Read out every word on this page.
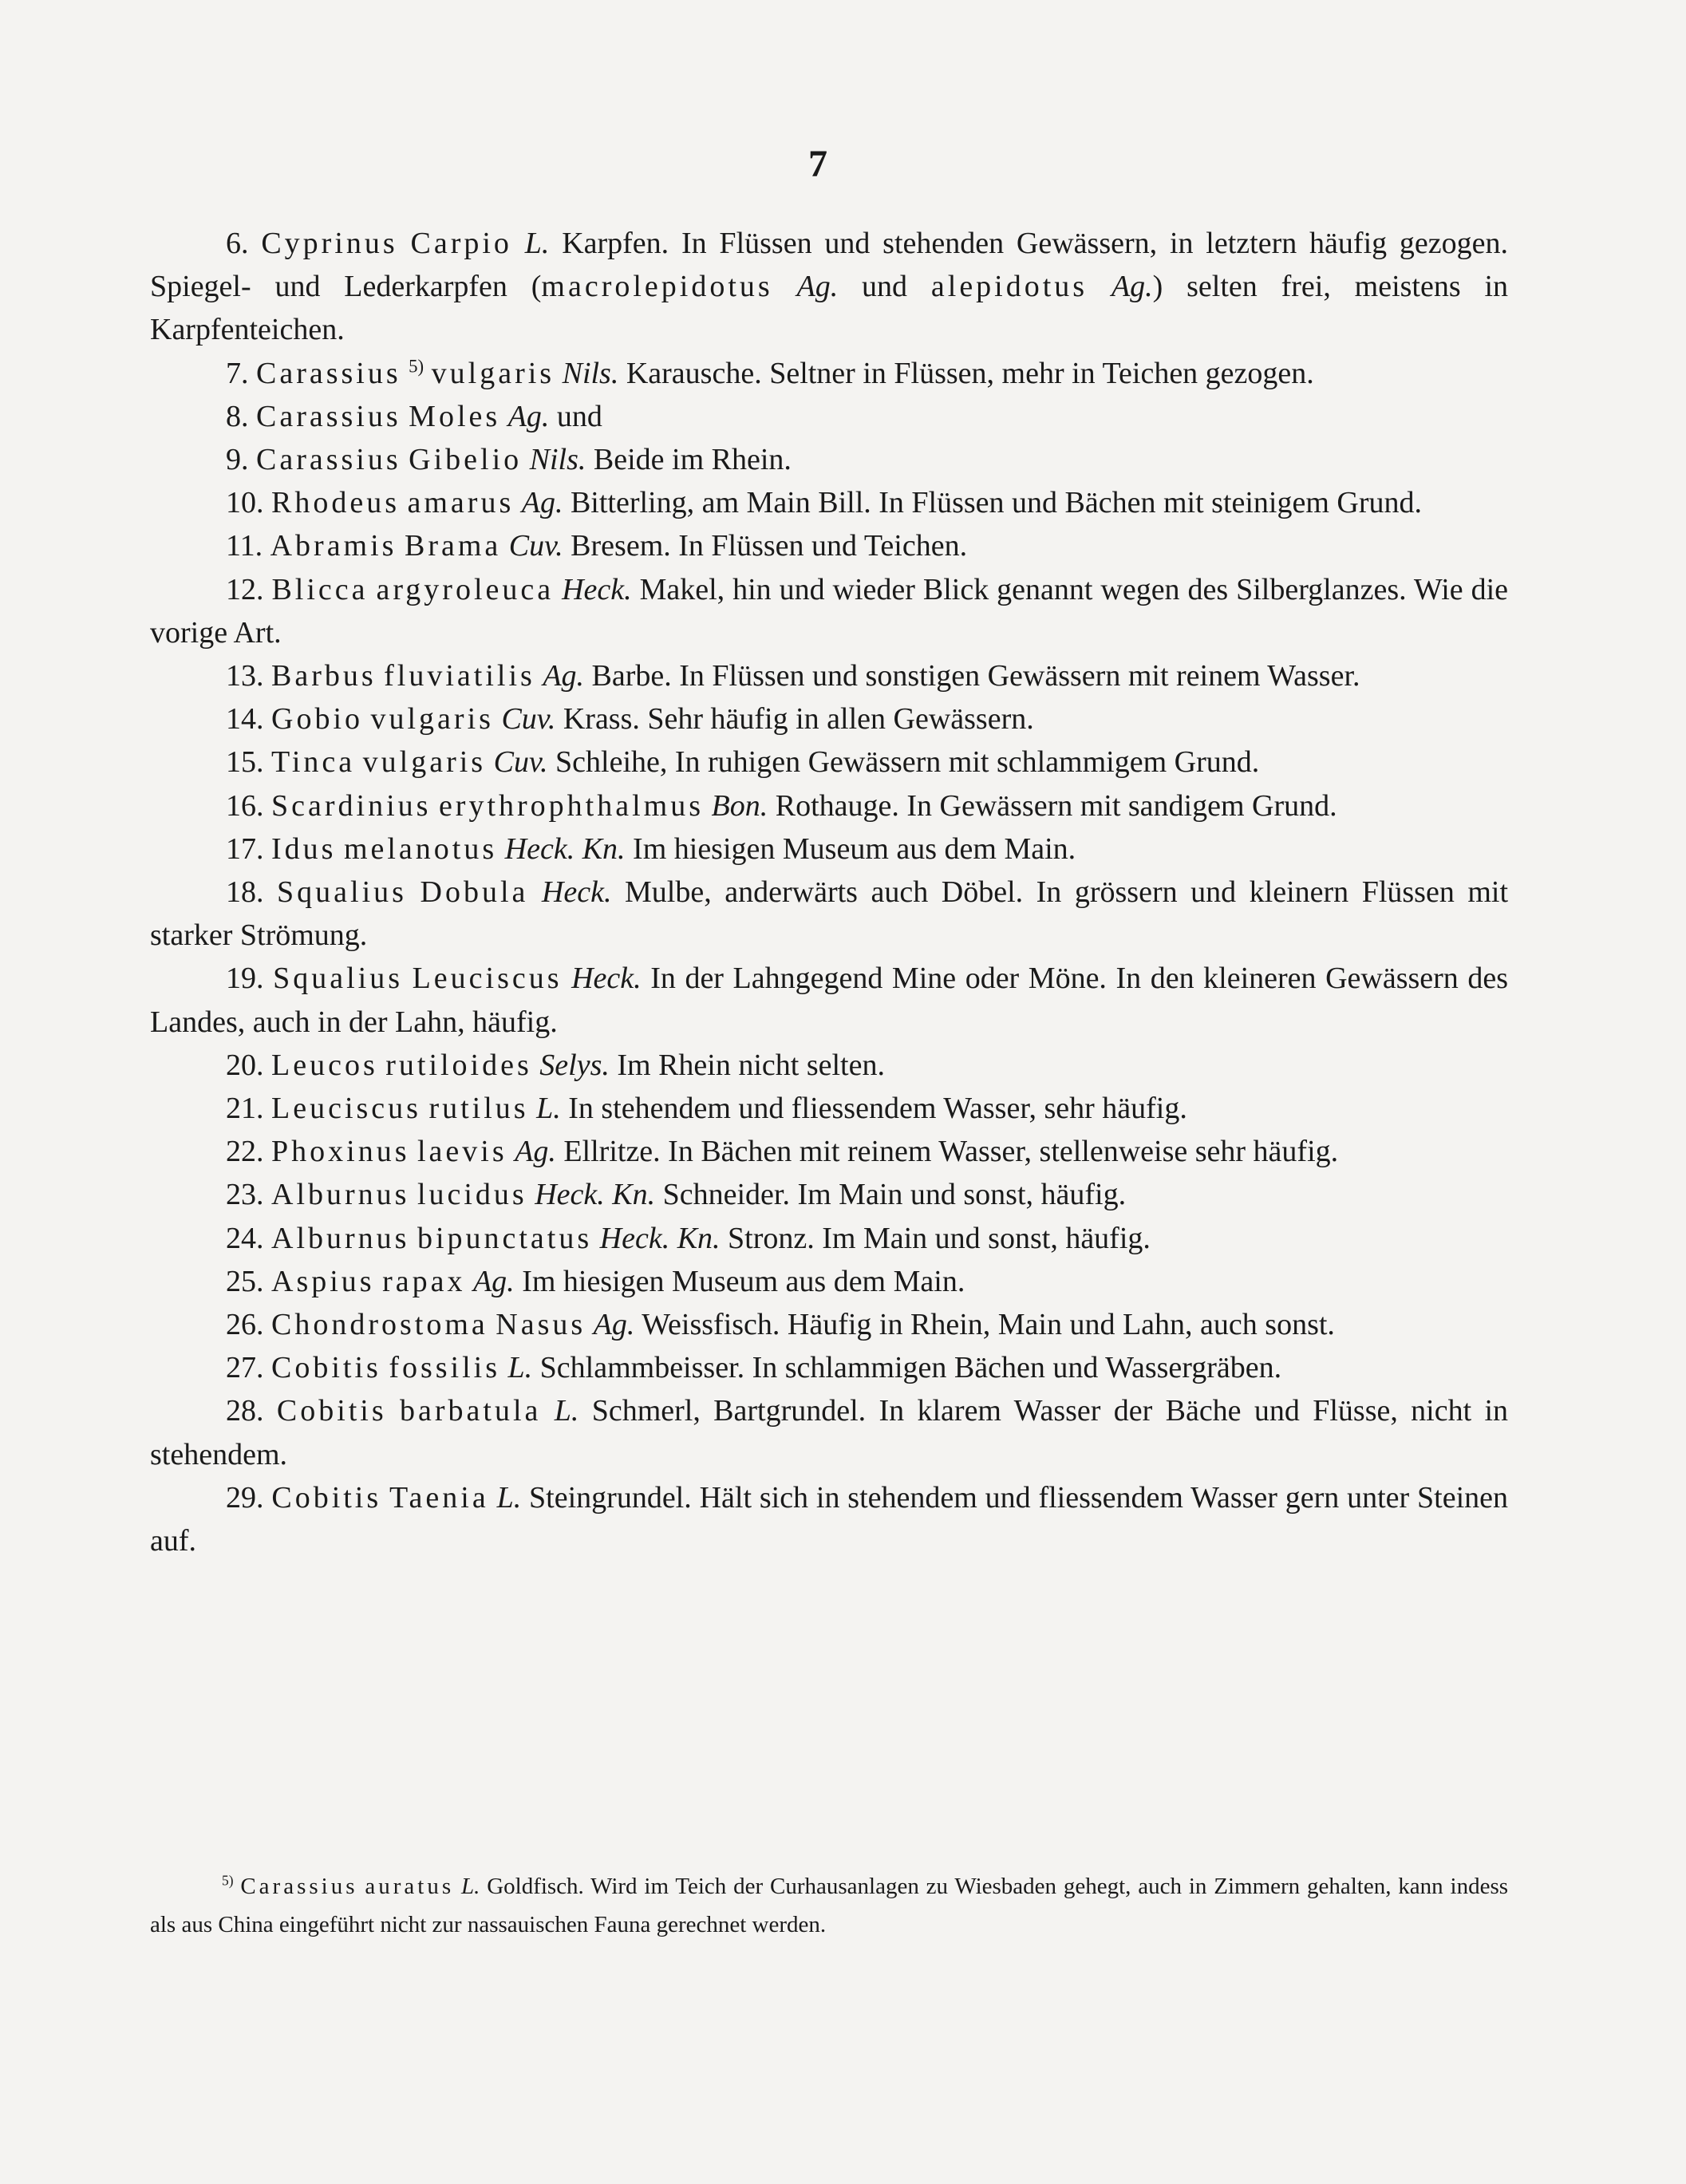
7

6. Cyprinus Carpio L. Karpfen. In Flüssen und stehenden Gewässern, in letztern häufig gezogen. Spiegel- und Lederkarpfen (macrolepidotus Ag. und alepidotus Ag.) selten frei, meistens in Karpfenteichen.

7. Carassius $^{5)}$ vulgaris Nils. Karausche. Seltner in Flüssen, mehr in Teichen gezogen.

8. Carassius Moles Ag. und

9. Carassius Gibelio Nils. Beide im Rhein.

10. Rhodeus amarus Ag. Bitterling, am Main Bill. In Flüssen und Bächen mit steinigem Grund.

11. Abramis Brama Cuv. Bresem. In Flüssen und Teichen.

12. Blicca argyroleuca Heck. Makel, hin und wieder Blick genannt wegen des Silberglanzes. Wie die vorige Art.

13. Barbus fluviatilis Ag. Barbe. In Flüssen und sonstigen Gewässern mit reinem Wasser.

14. Gobio vulgaris Cuv. Krass. Sehr häufig in allen Gewässern.

15. Tinca vulgaris Cuv. Schleihe, In ruhigen Gewässern mit schlammigem Grund.

16. Scardinius erythrophthalmus Bon. Rothauge. In Gewässern mit sandigem Grund.

17. Idus melanotus Heck. Kn. Im hiesigen Museum aus dem Main.

18. Squalius Dobula Heck. Mulbe, anderwärts auch Döbel. In grössern und kleinern Flüssen mit starker Strömung.

19. Squalius Leuciscus Heck. In der Lahngegend Mine oder Möne. In den kleineren Gewässern des Landes, auch in der Lahn, häufig.

20. Leucos rutiloides Selys. Im Rhein nicht selten.

21. Leuciscus rutilus L. In stehendem und fliessendem Wasser, sehr häufig.

22. Phoxinus laevis Ag. Ellritze. In Bächen mit reinem Wasser, stellenweise sehr häufig.

23. Alburnus lucidus Heck. Kn. Schneider. Im Main und sonst, häufig.

24. Alburnus bipunctatus Heck. Kn. Stronz. Im Main und sonst, häufig.

25. Aspius rapax Ag. Im hiesigen Museum aus dem Main.

26. Chondrostoma Nasus Ag. Weissfisch. Häufig in Rhein, Main und Lahn, auch sonst.

27. Cobitis fossilis L. Schlammbeisser. In schlammigen Bächen und Wassergräben.

28. Cobitis barbatula L. Schmerl, Bartgrundel. In klarem Wasser der Bäche und Flüsse, nicht in stehendem.

29. Cobitis Taenia L. Steingrundel. Hält sich in stehendem und fliessendem Wasser gern unter Steinen auf.

$^{5)}$ Carassius auratus L. Goldfisch. Wird im Teich der Curhausanlagen zu Wiesbaden gehegt, auch in Zimmern gehalten, kann indess als aus China eingeführt nicht zur nassauischen Fauna gerechnet werden.
